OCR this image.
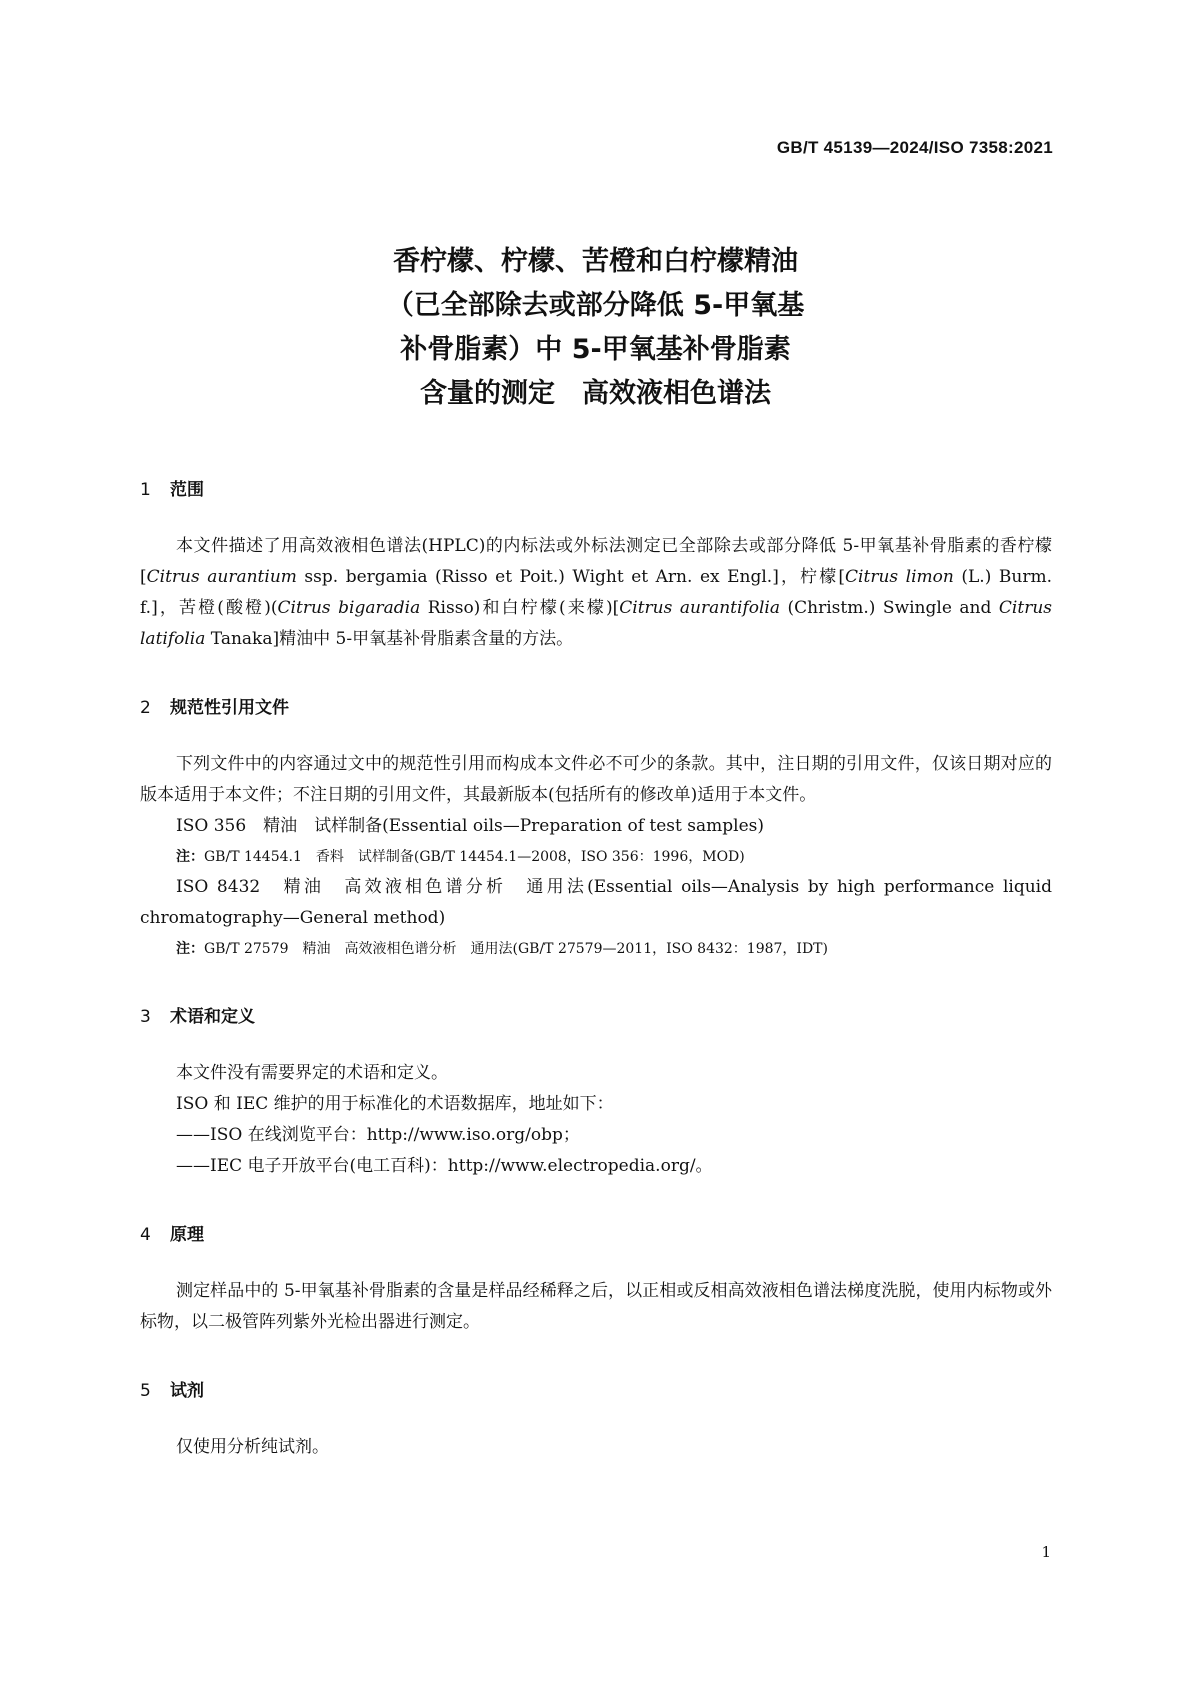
GB/T 45139—2024/ISO 7358:2021
香柠檬、柠檬、苦橙和白柠檬精油
（已全部除去或部分降低 5-甲氧基
补骨脂素）中 5-甲氧基补骨脂素
含量的测定　高效液相色谱法
1 范围

本文件描述了用高效液相色谱法(HPLC)的内标法或外标法测定已全部除去或部分降低 5-甲氧基补骨脂素的香柠檬[Citrus aurantium ssp. bergamia (Risso et Poit.) Wight et Arn. ex Engl.]，柠檬[Citrus limon (L.) Burm. f.]，苦橙(酸橙)(Citrus bigaradia Risso)和白柠檬(来檬)[Citrus aurantifolia (Christm.) Swingle and Citrus latifolia Tanaka]精油中 5-甲氧基补骨脂素含量的方法。

2 规范性引用文件

下列文件中的内容通过文中的规范性引用而构成本文件必不可少的条款。其中，注日期的引用文件，仅该日期对应的版本适用于本文件；不注日期的引用文件，其最新版本(包括所有的修改单)适用于本文件。

ISO 356　精油　试样制备(Essential oils—Preparation of test samples)

注：GB/T 14454.1　香料　试样制备(GB/T 14454.1—2008，ISO 356：1996，MOD)

ISO 8432　精油　高效液相色谱分析　通用法(Essential oils—Analysis by high performance liquid chromatography—General method)

注：GB/T 27579　精油　高效液相色谱分析　通用法(GB/T 27579—2011，ISO 8432：1987，IDT)

3 术语和定义

本文件没有需要界定的术语和定义。

ISO 和 IEC 维护的用于标准化的术语数据库，地址如下：

——ISO 在线浏览平台：http://www.iso.org/obp；

——IEC 电子开放平台(电工百科)：http://www.electropedia.org/。

4 原理

测定样品中的 5-甲氧基补骨脂素的含量是样品经稀释之后，以正相或反相高效液相色谱法梯度洗脱，使用内标物或外标物，以二极管阵列紫外光检出器进行测定。

5 试剂

仅使用分析纯试剂。

1
